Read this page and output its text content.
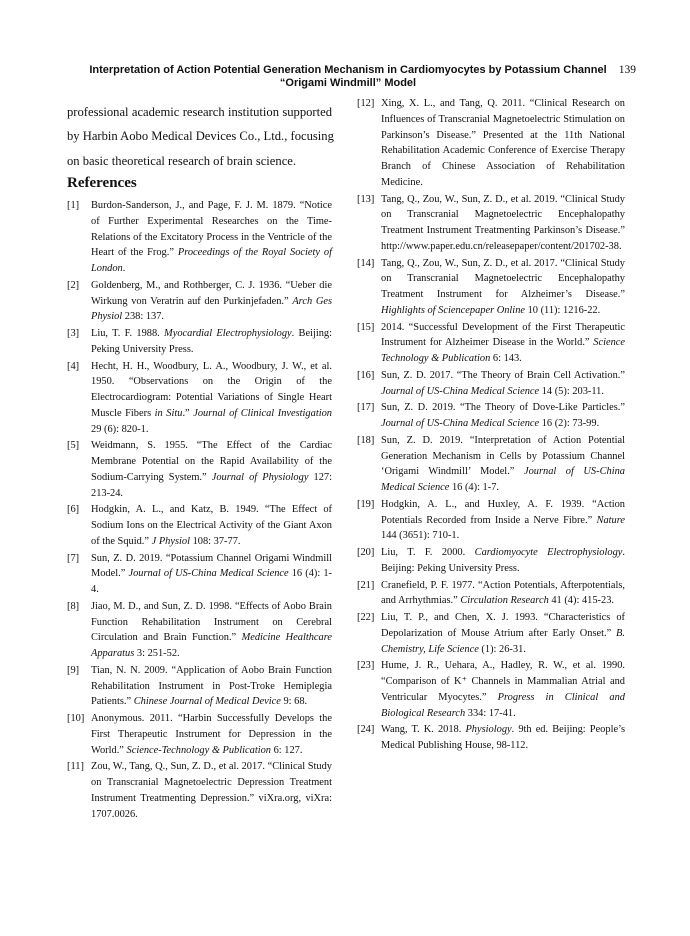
Interpretation of Action Potential Generation Mechanism in Cardiomyocytes by Potassium Channel
“Origami Windmill” Model
139
professional academic research institution supported
by Harbin Aobo Medical Devices Co., Ltd., focusing
on basic theoretical research of brain science.
References
[1] Burdon-Sanderson, J., and Page, F. J. M. 1879. “Notice of Further Experimental Researches on the Time-Relations of the Excitatory Process in the Ventricle of the Heart of the Frog.” Proceedings of the Royal Society of London.
[2] Goldenberg, M., and Rothberger, C. J. 1936. “Ueber die Wirkung von Veratrin auf den Purkinjefaden.” Arch Ges Physiol 238: 137.
[3] Liu, T. F. 1988. Myocardial Electrophysiology. Beijing: Peking University Press.
[4] Hecht, H. H., Woodbury, L. A., Woodbury, J. W., et al. 1950. “Observations on the Origin of the Electrocardiogram: Potential Variations of Single Heart Muscle Fibers in Situ.” Journal of Clinical Investigation 29 (6): 820-1.
[5] Weidmann, S. 1955. “The Effect of the Cardiac Membrane Potential on the Rapid Availability of the Sodium-Carrying System.” Journal of Physiology 127: 213-24.
[6] Hodgkin, A. L., and Katz, B. 1949. “The Effect of Sodium Ions on the Electrical Activity of the Giant Axon of the Squid.” J Physiol 108: 37-77.
[7] Sun, Z. D. 2019. “Potassium Channel Origami Windmill Model.” Journal of US-China Medical Science 16 (4): 1-4.
[8] Jiao, M. D., and Sun, Z. D. 1998. “Effects of Aobo Brain Function Rehabilitation Instrument on Cerebral Circulation and Brain Function.” Medicine Healthcare Apparatus 3: 251-52.
[9] Tian, N. N. 2009. “Application of Aobo Brain Function Rehabilitation Instrument in Post-Troke Hemiplegia Patients.” Chinese Journal of Medical Device 9: 68.
[10] Anonymous. 2011. “Harbin Successfully Develops the First Therapeutic Instrument for Depression in the World.” Science-Technology & Publication 6: 127.
[11] Zou, W., Tang, Q., Sun, Z. D., et al. 2017. “Clinical Study on Transcranial Magnetoelectric Depression Treatment Instrument Treatmenting Depression.” viXra.org, viXra: 1707.0026.
[12] Xing, X. L., and Tang, Q. 2011. “Clinical Research on Influences of Transcranial Magnetoelectric Stimulation on Parkinson’s Disease.” Presented at the 11th National Rehabilitation Academic Conference of Exercise Therapy Branch of Chinese Association of Rehabilitation Medicine.
[13] Tang, Q., Zou, W., Sun, Z. D., et al. 2019. “Clinical Study on Transcranial Magnetoelectric Encephalopathy Treatment Instrument Treatmenting Parkinson’s Disease.” http://www.paper.edu.cn/releasepaper/content/201702-38.
[14] Tang, Q., Zou, W., Sun, Z. D., et al. 2017. “Clinical Study on Transcranial Magnetoelectric Encephalopathy Treatment Instrument for Alzheimer’s Disease.” Highlights of Sciencepaper Online 10 (11): 1216-22.
[15] 2014. “Successful Development of the First Therapeutic Instrument for Alzheimer Disease in the World.” Science Technology & Publication 6: 143.
[16] Sun, Z. D. 2017. “The Theory of Brain Cell Activation.” Journal of US-China Medical Science 14 (5): 203-11.
[17] Sun, Z. D. 2019. “The Theory of Dove-Like Particles.” Journal of US-China Medical Science 16 (2): 73-99.
[18] Sun, Z. D. 2019. “Interpretation of Action Potential Generation Mechanism in Cells by Potassium Channel ‘Origami Windmill’ Model.” Journal of US-China Medical Science 16 (4): 1-7.
[19] Hodgkin, A. L., and Huxley, A. F. 1939. “Action Potentials Recorded from Inside a Nerve Fibre.” Nature 144 (3651): 710-1.
[20] Liu, T. F. 2000. Cardiomyocyte Electrophysiology. Beijing: Peking University Press.
[21] Cranefield, P. F. 1977. “Action Potentials, Afterpotentials, and Arrhythmias.” Circulation Research 41 (4): 415-23.
[22] Liu, T. P., and Chen, X. J. 1993. “Characteristics of Depolarization of Mouse Atrium after Early Onset.” B. Chemistry, Life Science (1): 26-31.
[23] Hume, J. R., Uehara, A., Hadley, R. W., et al. 1990. “Comparison of K⁺ Channels in Mammalian Atrial and Ventricular Myocytes.” Progress in Clinical and Biological Research 334: 17-41.
[24] Wang, T. K. 2018. Physiology. 9th ed. Beijing: People’s Medical Publishing House, 98-112.
